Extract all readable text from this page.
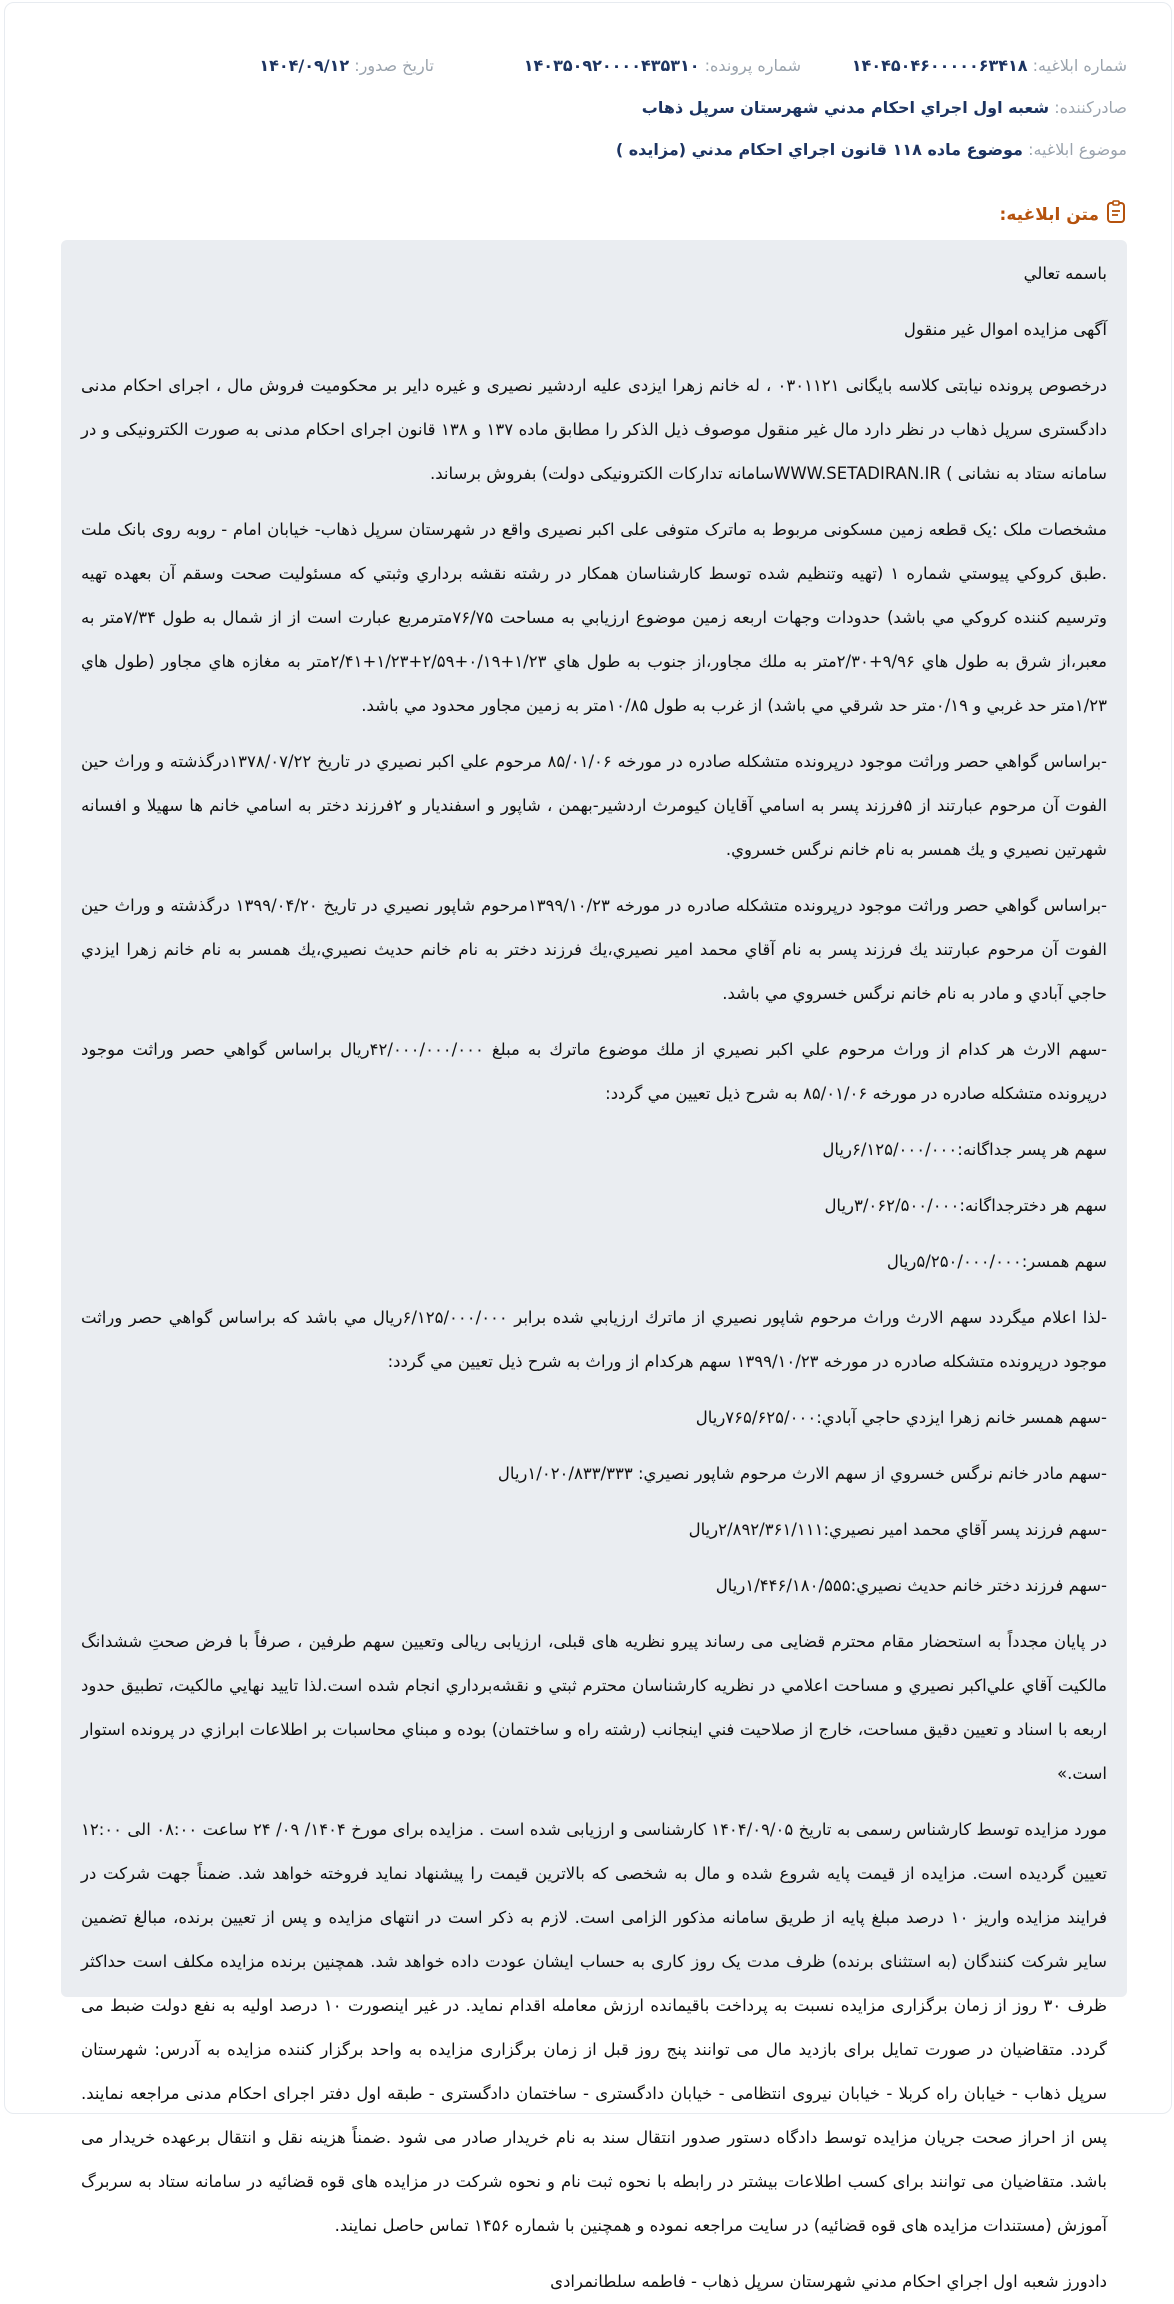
شماره ابلاغیه: ۱۴۰۴۵۰۴۶۰۰۰۰۰۶۳۴۱۸
شماره پرونده: ۱۴۰۳۵۰۹۲۰۰۰۰۴۳۵۳۱۰
تاریخ صدور: ۱۴۰۴/۰۹/۱۲
صادرکننده: شعبه اول اجراي احكام مدني شهرستان سرپل ذهاب
موضوع ابلاغیه: موضوع ماده ۱۱۸ قانون اجراي احكام مدني (مزايده )
متن ابلاغیه:

باسمه تعالي

آگهی مزایده اموال غیر منقول

درخصوص پرونده نیابتی کلاسه بایگانی ۰۳۰۱۱۲۱ ، له خانم زهرا ایزدی علیه اردشیر نصیری و غیره دایر بر محکومیت فروش مال ، اجرای احکام مدنی دادگستری سرپل ذهاب در نظر دارد مال غیر منقول موصوف ذیل الذکر را مطابق ماده ۱۳۷ و ۱۳۸ قانون اجرای احکام مدنی به صورت الکترونیکی و در سامانه ستاد به نشانی ) WWW.SETADIRAN.IRسامانه تدارکات الکترونیکی دولت) بفروش برساند.

مشخصات ملک :یک قطعه زمین مسکونی مربوط به ماترک متوفی علی اکبر نصیری واقع در شهرستان سرپل ذهاب- خیابان امام - روبه روی بانک ملت .طبق كروكي پيوستي شماره ۱ (تهيه وتنظيم شده توسط كارشناسان همكار در رشته نقشه برداري وثبتي كه مسئوليت صحت وسقم آن بعهده تهيه وترسيم كننده كروكي مي باشد) حدودات وجهات اربعه زمين موضوع ارزيابي به مساحت ۷۶/۷۵مترمربع عبارت است از از شمال به طول ۷/۳۴متر به معبر،از شرق به طول هاي ۹/۹۶+۲/۳۰متر به ملك مجاور،از جنوب به طول هاي ۱/۲۳+۰/۱۹+۲/۵۹+۱/۲۳+۲/۴۱متر به مغازه هاي مجاور (طول هاي ۱/۲۳متر حد غربي و ۰/۱۹متر حد شرقي مي باشد) از غرب به طول ۱۰/۸۵متر به زمين مجاور محدود مي باشد.

-براساس گواهي حصر وراثت موجود درپرونده متشكله صادره در مورخه ۸۵/۰۱/۰۶ مرحوم علي اكبر نصيري در تاريخ ۱۳۷۸/۰۷/۲۲درگذشته و وراث حين الفوت آن مرحوم عبارتند از ۵فرزند پسر به اسامي آقايان كيومرث اردشير-بهمن ، شاپور و اسفنديار و ۲فرزند دختر به اسامي خانم ها سهيلا و افسانه شهرتين نصيري و يك همسر به نام خانم نرگس خسروي.

-براساس گواهي حصر وراثت موجود درپرونده متشكله صادره در مورخه ۱۳۹۹/۱۰/۲۳مرحوم شاپور نصيري در تاريخ ۱۳۹۹/۰۴/۲۰ درگذشته و وراث حين الفوت آن مرحوم عبارتند يك فرزند پسر به نام آقاي محمد امير نصيري،يك فرزند دختر به نام خانم حديث نصيري،يك همسر به نام خانم زهرا ايزدي حاجي آبادي و مادر به نام خانم نرگس خسروي مي باشد.

-سهم الارث هر كدام از وراث مرحوم علي اكبر نصيري از ملك موضوع ماترك به مبلغ ۴۲/۰۰۰/۰۰۰/۰۰۰ريال براساس گواهي حصر وراثت موجود درپرونده متشكله صادره در مورخه ۸۵/۰۱/۰۶ به شرح ذيل تعيين مي گردد:

سهم هر پسر جداگانه:۶/۱۲۵/۰۰۰/۰۰۰ريال

سهم هر دخترجداگانه:۳/۰۶۲/۵۰۰/۰۰۰ريال

سهم همسر:۵/۲۵۰/۰۰۰/۰۰۰ريال

-لذا اعلام ميگردد سهم الارث وراث مرحوم شاپور نصيري از ماترك ارزيابي شده برابر ۶/۱۲۵/۰۰۰/۰۰۰ريال مي باشد كه براساس گواهي حصر وراثت موجود درپرونده متشكله صادره در مورخه ۱۳۹۹/۱۰/۲۳ سهم هركدام از وراث به شرح ذيل تعيين مي گردد:

-سهم همسر خانم زهرا ايزدي حاجي آبادي:۷۶۵/۶۲۵/۰۰۰ريال

-سهم مادر خانم نرگس خسروي از سهم الارث مرحوم شاپور نصيري: ۱/۰۲۰/۸۳۳/۳۳۳ريال

-سهم فرزند پسر آقاي محمد امير نصيري:۲/۸۹۲/۳۶۱/۱۱۱ريال

-سهم فرزند دختر خانم حديث نصيري:۱/۴۴۶/۱۸۰/۵۵۵ريال

در پایان مجدداً به استحضار مقام محترم قضایی می رساند پیرو نظریه های قبلی، ارزیابی ریالی وتعیین سهم طرفین ، صرفاً با فرض صحتِ ششدانگ مالکیت آقاي علي‌اکبر نصیري و مساحت اعلامي در نظریه کارشناسان محترم ثبتي و نقشه‌برداري انجام شده است.لذا تایید نهایي مالکیت، تطبیق حدود اربعه با اسناد و تعیین دقیق مساحت، خارج از صلاحیت فني اینجانب (رشته راه و ساختمان) بوده و مبناي محاسبات بر اطلاعات ابرازي در پرونده استوار است.»

مورد مزایده توسط کارشناس رسمی به تاریخ ۱۴۰۴/۰۹/۰۵ کارشناسی و ارزیابی شده است . مزایده برای مورخ ۱۴۰۴/ ۰۹/ ۲۴ ساعت ۰۸:۰۰ الی ۱۲:۰۰ تعیین گردیده است. مزایده از قیمت پایه شروع شده و مال به شخصی که بالاترین قیمت را پیشنهاد نماید فروخته خواهد شد. ضمناً جهت شرکت در فرایند مزایده واریز ۱۰ درصد مبلغ پایه از طریق سامانه مذکور الزامی است. لازم به ذکر است در انتهای مزایده و پس از تعیین برنده، مبالغ تضمین سایر شرکت کنندگان (به استثنای برنده) ظرف مدت یک روز کاری به حساب ایشان عودت داده خواهد شد. همچنین برنده مزایده مکلف است حداکثر ظرف ۳۰ روز از زمان برگزاری مزایده نسبت به پرداخت باقیمانده ارزش معامله اقدام نماید. در غیر اینصورت ۱۰ درصد اولیه به نفع دولت ضبط می گردد. متقاضیان در صورت تمایل برای بازدید مال می توانند پنج روز قبل از زمان برگزاری مزایده به واحد برگزار کننده مزایده به آدرس: شهرستان سرپل ذهاب - خیابان راه کربلا - خیابان نیروی انتظامی - خیابان دادگستری - ساختمان دادگستری - طبقه اول دفتر اجرای احکام مدنی مراجعه نمایند. پس از احراز صحت جریان مزایده توسط دادگاه دستور صدور انتقال سند به نام خریدار صادر می شود .ضمناً هزینه نقل و انتقال برعهده خریدار می باشد. متقاضیان می توانند برای کسب اطلاعات بیشتر در رابطه با نحوه ثبت نام و نحوه شرکت در مزایده های قوه قضائیه در سامانه ستاد به سربرگ آموزش (مستندات مزایده های قوه قضائیه) در سایت مراجعه نموده و همچنین با شماره ۱۴۵۶ تماس حاصل نمایند.

دادورز شعبه اول اجراي احكام مدني شهرستان سرپل ذهاب - فاطمه سلطانمرادی
